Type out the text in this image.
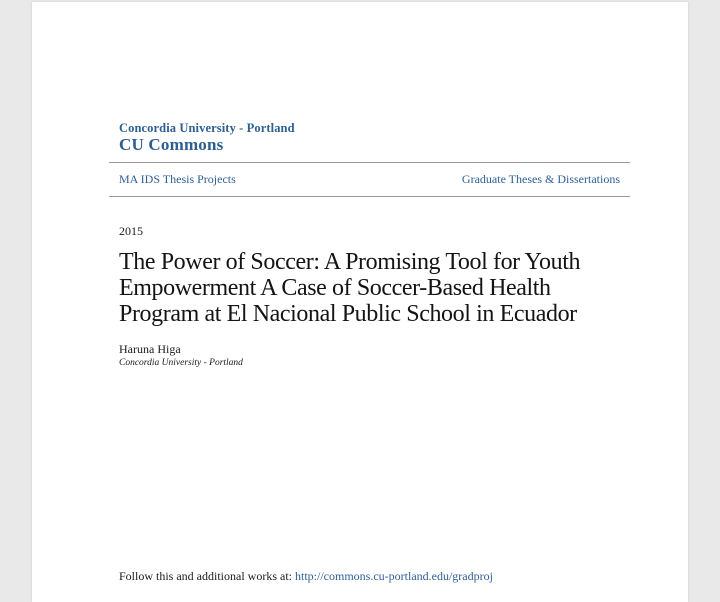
Concordia University - Portland
CU Commons
MA IDS Thesis Projects	Graduate Theses & Dissertations
2015
The Power of Soccer: A Promising Tool for Youth Empowerment A Case of Soccer-Based Health Program at El Nacional Public School in Ecuador
Haruna Higa
Concordia University - Portland
Follow this and additional works at: http://commons.cu-portland.edu/gradproj
